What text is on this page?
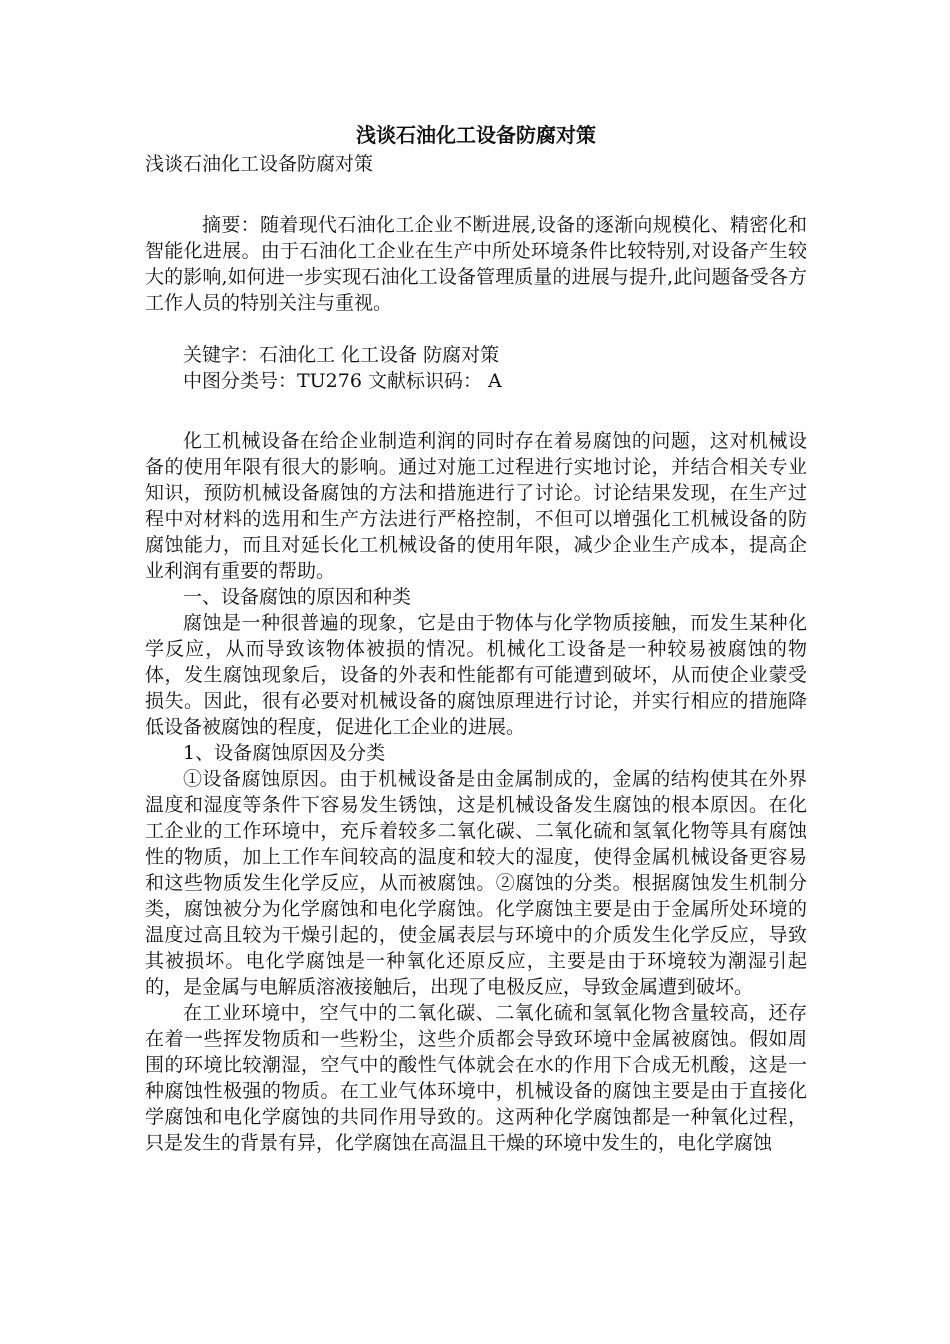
浅谈石油化工设备防腐对策

浅谈石油化工设备防腐对策

摘要：随着现代石油化工企业不断进展,设备的逐渐向规模化、精密化和智能化进展。由于石油化工企业在生产中所处环境条件比较特别,对设备产生较大的影响,如何进一步实现石油化工设备管理质量的进展与提升,此问题备受各方 工作人员的特别关注与重视。

关键字：石油化工 化工设备 防腐对策

中图分类号：TU276 文献标识码： A

化工机械设备在给企业制造利润的同时存在着易腐蚀的问题，这对机械设备的使用年限有很大的影响。通过对施工过程进行实地讨论，并结合相关专业知识，预防机械设备腐蚀的方法和措施进行了讨论。讨论结果发现，在生产过程中对材料的选用和生产方法进行严格控制，不但可以增强化工机械设备的防腐蚀能力，而且对延长化工机械设备的使用年限，减少企业生产成本，提高企业利润有重要的帮助。

一、设备腐蚀的原因和种类

腐蚀是一种很普遍的现象，它是由于物体与化学物质接触，而发生某种化学反应，从而导致该物体被损的情况。机械化工设备是一种较易被腐蚀的物体，发生腐蚀现象后，设备的外表和性能都有可能遭到破坏，从而使企业蒙受损失。因此，很有必要对机械设备的腐蚀原理进行讨论，并实行相应的措施降低设备被腐蚀的程度，促进化工企业的进展。

1、设备腐蚀原因及分类

①设备腐蚀原因。由于机械设备是由金属制成的，金属的结构使其在外界温度和湿度等条件下容易发生锈蚀，这是机械设备发生腐蚀的根本原因。在化工企业的工作环境中，充斥着较多二氧化碳、二氧化硫和氢氧化物等具有腐蚀性的物质，加上工作车间较高的温度和较大的湿度，使得金属机械设备更容易和这些物质发生化学反应，从而被腐蚀。②腐蚀的分类。根据腐蚀发生机制分类，腐蚀被分为化学腐蚀和电化学腐蚀。化学腐蚀主要是由于金属所处环境的温度过高且较为干燥引起的，使金属表层与环境中的介质发生化学反应，导致其被损坏。电化学腐蚀是一种氧化还原反应，主要是由于环境较为潮湿引起的，是金属与电解质溶液接触后，出现了电极反应，导致金属遭到破坏。

在工业环境中，空气中的二氧化碳、二氧化硫和氢氧化物含量较高，还存在着一些挥发物质和一些粉尘，这些介质都会导致环境中金属被腐蚀。假如周围的环境比较潮湿，空气中的酸性气体就会在水的作用下合成无机酸，这是一种腐蚀性极强的物质。在工业气体环境中，机械设备的腐蚀主要是由于直接化学腐蚀和电化学腐蚀的共同作用导致的。这两种化学腐蚀都是一种氧化过程，只是发生的背景有异，化学腐蚀在高温且干燥的环境中发生的，电化学腐蚀
